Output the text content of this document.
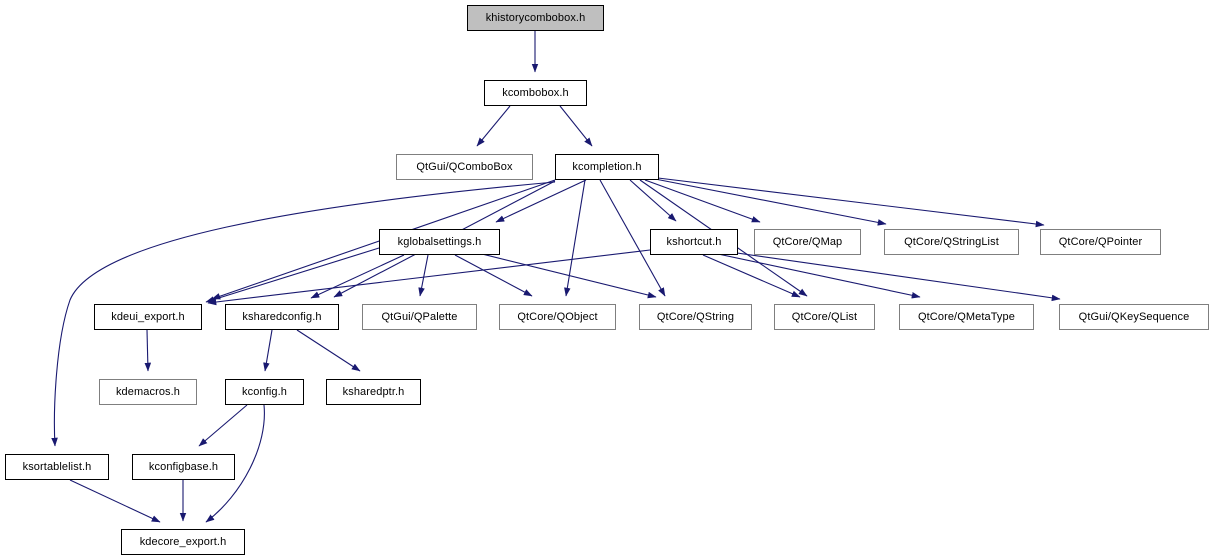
khistorycombobox.h
kcombobox.h
QtGui/QComboBox	kcompletion.h
kglobalsettings.h	kshortcut.h	QtCore/QMap	QtCore/QStringList	QtCore/QPointer
kdeui_export.h	ksharedconfig.h	QtGui/QPalette	QtCore/QObject	QtCore/QString	QtCore/QList	QtCore/QMetaType	QtGui/QKeySequence
kdemacros.h	kconfig.h	ksharedptr.h
ksortablelist.h	kconfigbase.h
kdecore_export.h
